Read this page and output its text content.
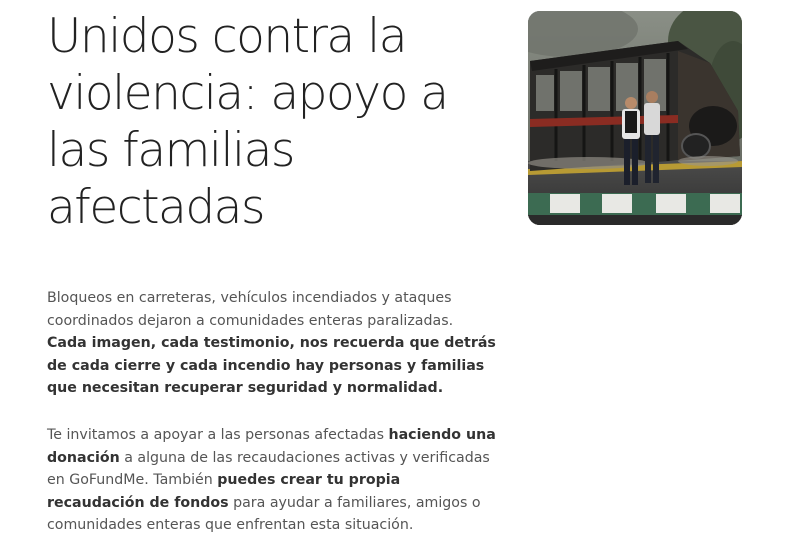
Unidos contra la violencia: apoyo a las familias afectadas

Bloqueos en carreteras, vehículos incendiados y ataques coordinados dejaron a comunidades enteras paralizadas. Cada imagen, cada testimonio, nos recuerda que detrás de cada cierre y cada incendio hay personas y familias que necesitan recuperar seguridad y normalidad.

Te invitamos a apoyar a las personas afectadas haciendo una donación a alguna de las recaudaciones activas y verificadas en GoFundMe. También puedes crear tu propia recaudación de fondos para ayudar a familiares, amigos o comunidades enteras que enfrentan esta situación.
